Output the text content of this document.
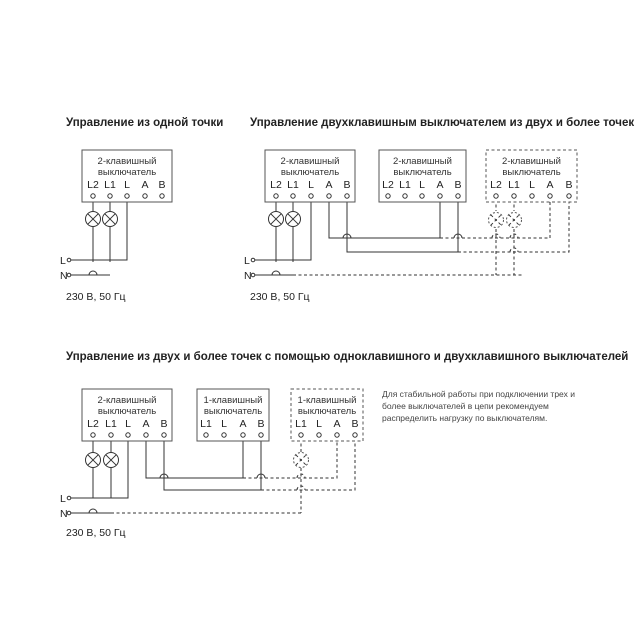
Управление из одной точки Управление двухклавишным выключателем из двух и более точек
Управление из двух и более точек с помощью одноклавишного и двухклавишного выключателей
2-клавишный
выключатель
L2 L1 L A B
2-клавишный
выключатель
L2 L1 L A B
2-клавишный
выключатель
L2 L1 L A B
2-клавишный
выключатель
L2 L1 L A B
2-клавишный
выключатель
L2 L1 L A B
1-клавишный
выключатель
L1 L A B
1-клавишный
выключатель
L1 L A B
L
N
230 В, 50 Гц
L
N
230 В, 50 Гц
L
N
230 В, 50 Гц
Для стабильной работы при подключении трех и
более выключателей в цепи рекомендуем
распределить нагрузку по выключателям.
